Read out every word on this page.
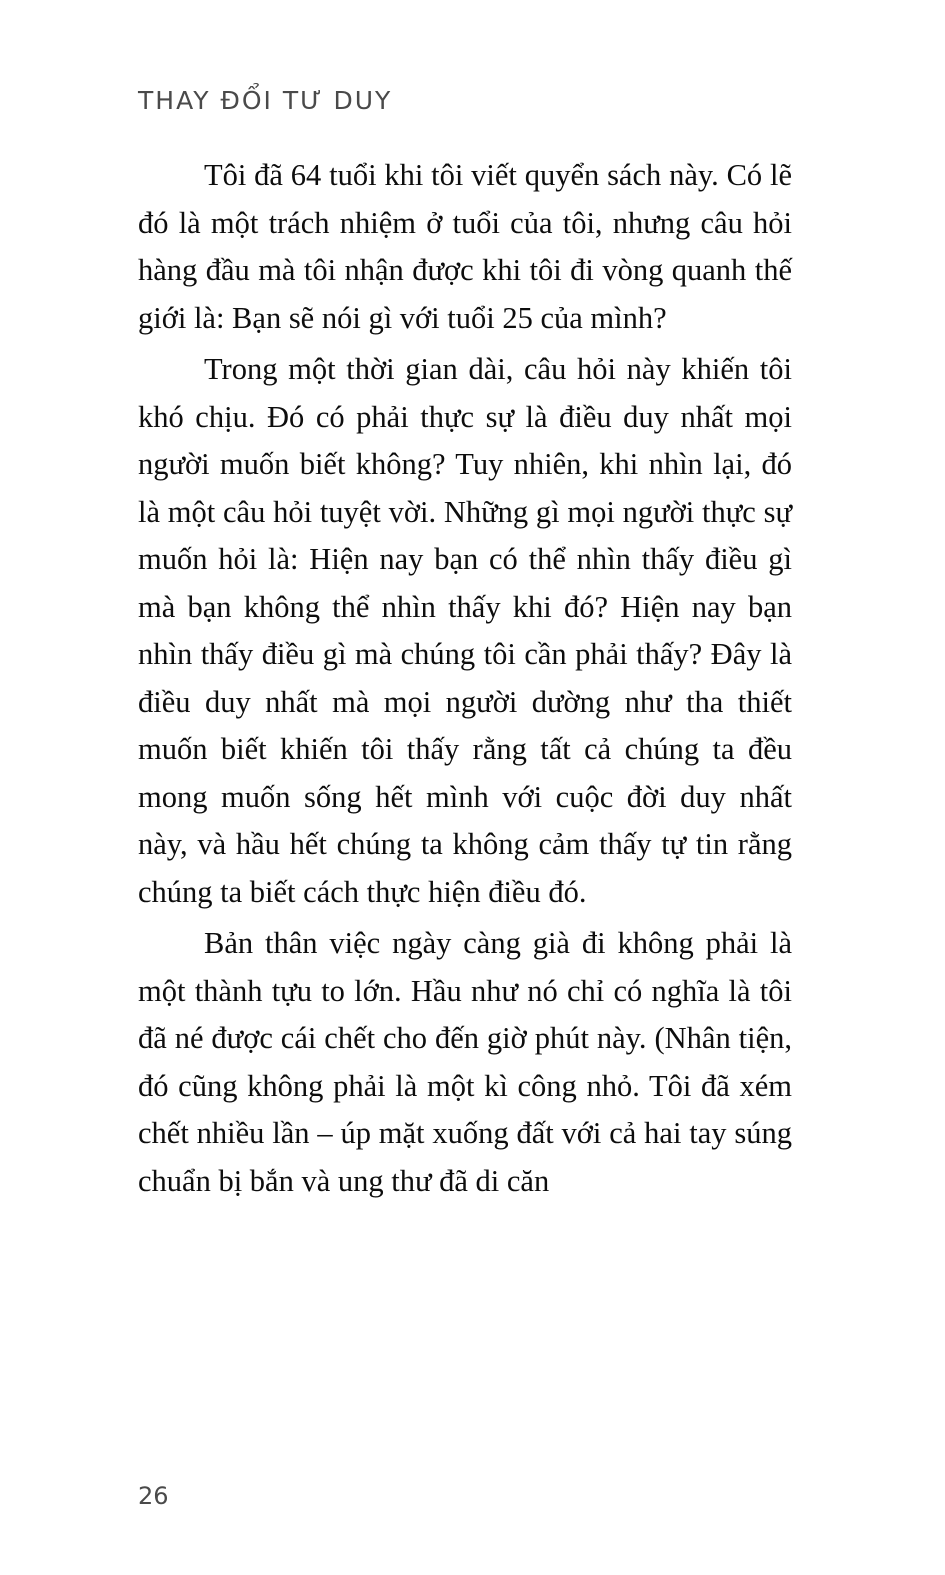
THAY ĐỔI TƯ DUY

Tôi đã 64 tuổi khi tôi viết quyển sách này. Có lẽ đó là một trách nhiệm ở tuổi của tôi, nhưng câu hỏi hàng đầu mà tôi nhận được khi tôi đi vòng quanh thế giới là: Bạn sẽ nói gì với tuổi 25 của mình?

Trong một thời gian dài, câu hỏi này khiến tôi khó chịu. Đó có phải thực sự là điều duy nhất mọi người muốn biết không? Tuy nhiên, khi nhìn lại, đó là một câu hỏi tuyệt vời. Những gì mọi người thực sự muốn hỏi là: Hiện nay bạn có thể nhìn thấy điều gì mà bạn không thể nhìn thấy khi đó? Hiện nay bạn nhìn thấy điều gì mà chúng tôi cần phải thấy? Đây là điều duy nhất mà mọi người dường như tha thiết muốn biết khiến tôi thấy rằng tất cả chúng ta đều mong muốn sống hết mình với cuộc đời duy nhất này, và hầu hết chúng ta không cảm thấy tự tin rằng chúng ta biết cách thực hiện điều đó.

Bản thân việc ngày càng già đi không phải là một thành tựu to lớn. Hầu như nó chỉ có nghĩa là tôi đã né được cái chết cho đến giờ phút này. (Nhân tiện, đó cũng không phải là một kì công nhỏ. Tôi đã xém chết nhiều lần – úp mặt xuống đất với cả hai tay súng chuẩn bị bắn và ung thư đã di căn

26
